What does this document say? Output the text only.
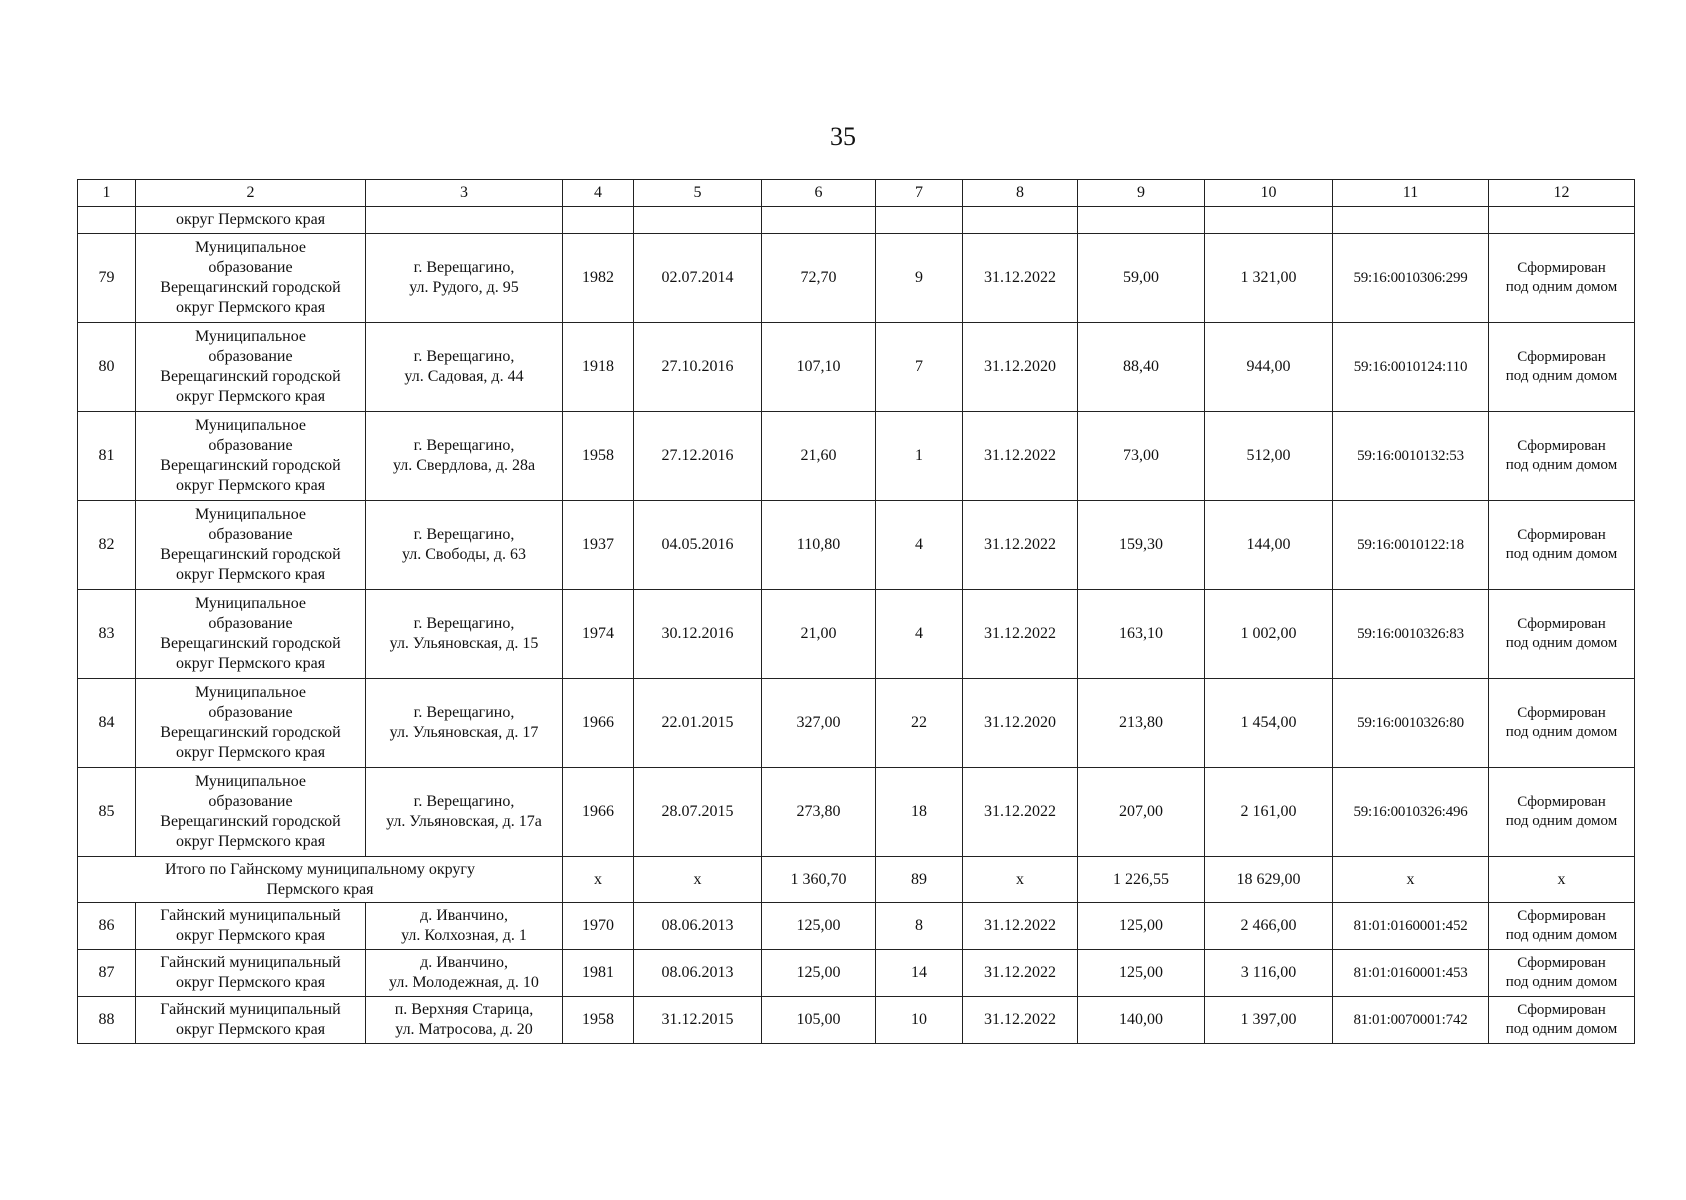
35
1	2	3	4	5	6	7	8	9	10	11	12
	округ Пермского края										
79	Муниципальное
образование
Верещагинский городской
округ Пермского края	г. Верещагино,
ул. Рудого, д. 95	1982	02.07.2014	72,70	9	31.12.2022	59,00	1 321,00	59:16:0010306:299	Сформирован
под одним домом
80	Муниципальное
образование
Верещагинский городской
округ Пермского края	г. Верещагино,
ул. Садовая, д. 44	1918	27.10.2016	107,10	7	31.12.2020	88,40	944,00	59:16:0010124:110	Сформирован
под одним домом
81	Муниципальное
образование
Верещагинский городской
округ Пермского края	г. Верещагино,
ул. Свердлова, д. 28а	1958	27.12.2016	21,60	1	31.12.2022	73,00	512,00	59:16:0010132:53	Сформирован
под одним домом
82	Муниципальное
образование
Верещагинский городской
округ Пермского края	г. Верещагино,
ул. Свободы, д. 63	1937	04.05.2016	110,80	4	31.12.2022	159,30	144,00	59:16:0010122:18	Сформирован
под одним домом
83	Муниципальное
образование
Верещагинский городской
округ Пермского края	г. Верещагино,
ул. Ульяновская, д. 15	1974	30.12.2016	21,00	4	31.12.2022	163,10	1 002,00	59:16:0010326:83	Сформирован
под одним домом
84	Муниципальное
образование
Верещагинский городской
округ Пермского края	г. Верещагино,
ул. Ульяновская, д. 17	1966	22.01.2015	327,00	22	31.12.2020	213,80	1 454,00	59:16:0010326:80	Сформирован
под одним домом
85	Муниципальное
образование
Верещагинский городской
округ Пермского края	г. Верещагино,
ул. Ульяновская, д. 17а	1966	28.07.2015	273,80	18	31.12.2022	207,00	2 161,00	59:16:0010326:496	Сформирован
под одним домом
Итого по Гайнскому муниципальному округу
Пермского края			х	х	1 360,70	89	х	1 226,55	18 629,00	х	х
86	Гайнский муниципальный
округ Пермского края	д. Иванчино,
ул. Колхозная, д. 1	1970	08.06.2013	125,00	8	31.12.2022	125,00	2 466,00	81:01:0160001:452	Сформирован
под одним домом
87	Гайнский муниципальный
округ Пермского края	д. Иванчино,
ул. Молодежная, д. 10	1981	08.06.2013	125,00	14	31.12.2022	125,00	3 116,00	81:01:0160001:453	Сформирован
под одним домом
88	Гайнский муниципальный
округ Пермского края	п. Верхняя Старица,
ул. Матросова, д. 20	1958	31.12.2015	105,00	10	31.12.2022	140,00	1 397,00	81:01:0070001:742	Сформирован
под одним домом
